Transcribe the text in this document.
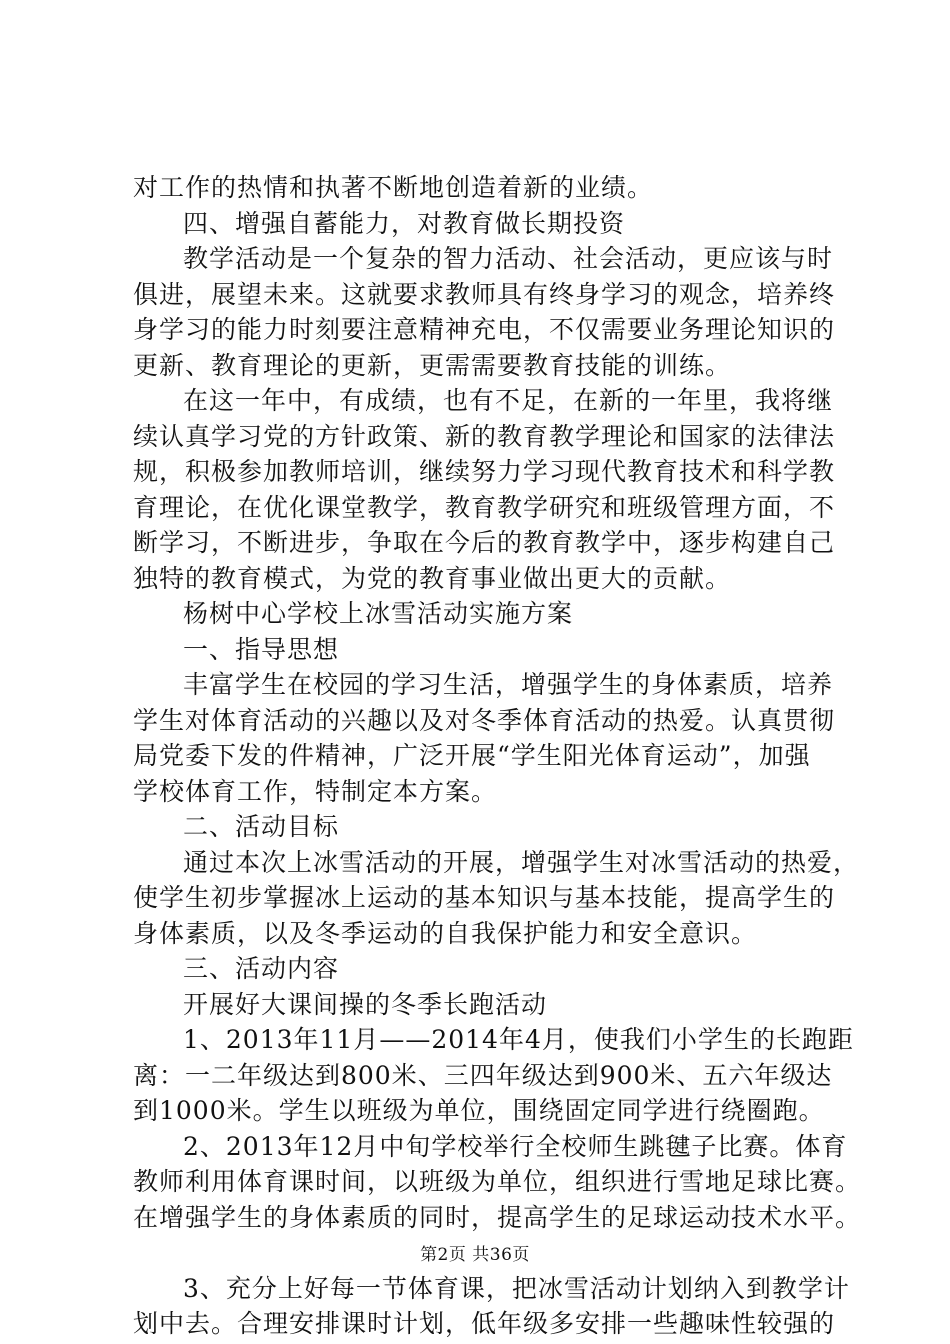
对工作的热情和执著不断地创造着新的业绩。
四、增强自蓄能力，对教育做长期投资
教学活动是一个复杂的智力活动、社会活动，更应该与时
俱进，展望未来。这就要求教师具有终身学习的观念，培养终
身学习的能力时刻要注意精神充电，不仅需要业务理论知识的
更新、教育理论的更新，更需需要教育技能的训练。
在这一年中，有成绩，也有不足，在新的一年里，我将继
续认真学习党的方针政策、新的教育教学理论和国家的法律法
规，积极参加教师培训，继续努力学习现代教育技术和科学教
育理论，在优化课堂教学，教育教学研究和班级管理方面，不
断学习，不断进步，争取在今后的教育教学中，逐步构建自己
独特的教育模式，为党的教育事业做出更大的贡献。
杨树中心学校上冰雪活动实施方案
一、指导思想
丰富学生在校园的学习生活，增强学生的身体素质，培养
学生对体育活动的兴趣以及对冬季体育活动的热爱。认真贯彻
局党委下发的件精神，广泛开展“学生阳光体育运动”，加强
学校体育工作，特制定本方案。
二、活动目标
通过本次上冰雪活动的开展，增强学生对冰雪活动的热爱，
使学生初步掌握冰上运动的基本知识与基本技能，提高学生的
身体素质，以及冬季运动的自我保护能力和安全意识。
三、活动内容
开展好大课间操的冬季长跑活动
1、2013年11月——2014年4月，使我们小学生的长跑距
离：一二年级达到800米、三四年级达到900米、五六年级达
到1000米。学生以班级为单位，围绕固定同学进行绕圈跑。
2、2013年12月中旬学校举行全校师生跳毽子比赛。体育
教师利用体育课时间，以班级为单位，组织进行雪地足球比赛。
在增强学生的身体素质的同时，提高学生的足球运动技术水平。
3、充分上好每一节体育课，把冰雪活动计划纳入到教学计
划中去。合理安排课时计划，低年级多安排一些趣味性较强的
第2页 共36页
